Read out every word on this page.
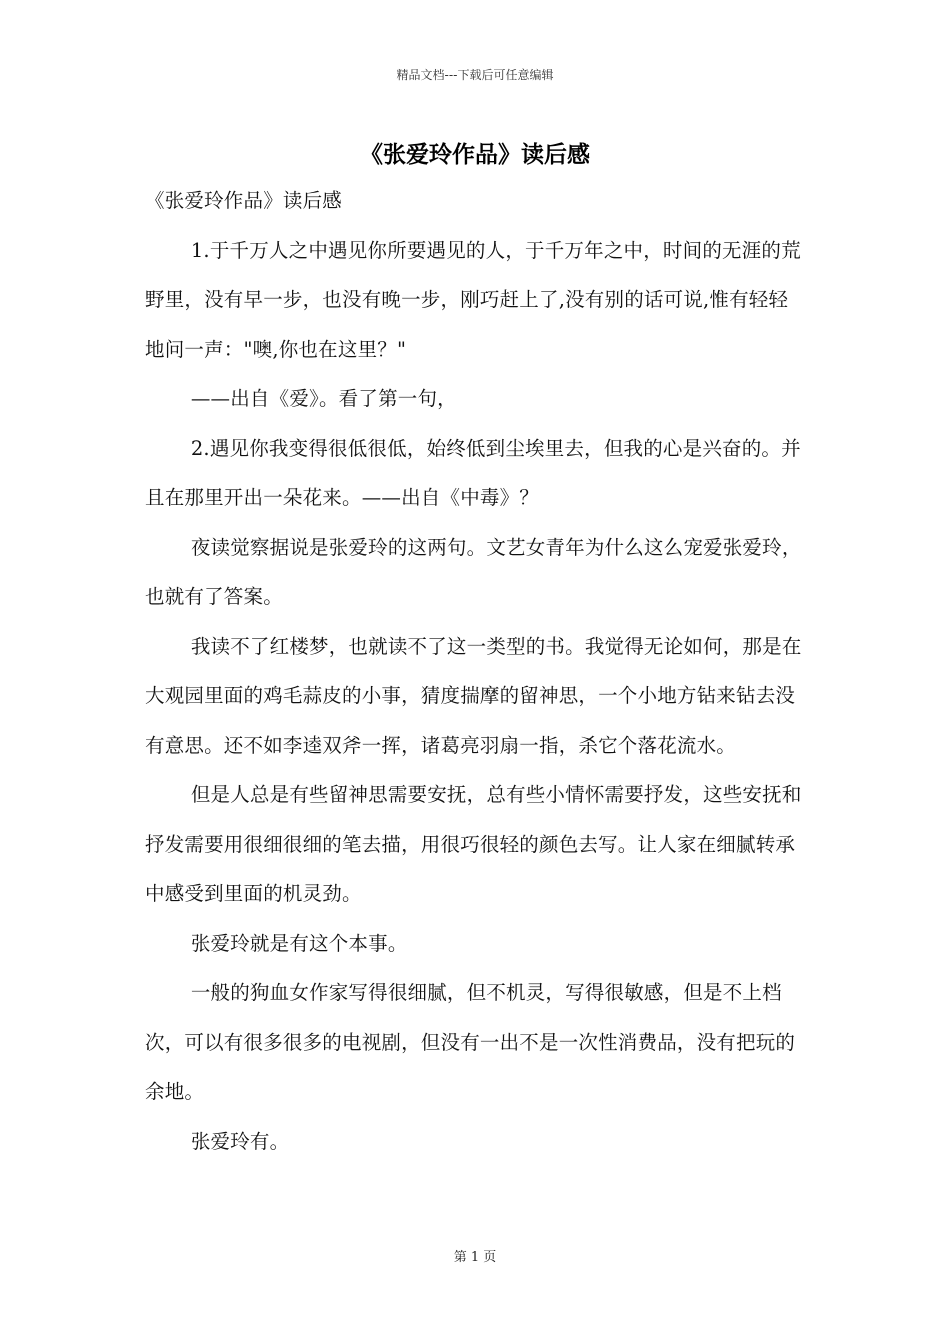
精品文档---下载后可任意编辑
《张爱玲作品》读后感

《张爱玲作品》读后感

1.于千万人之中遇见你所要遇见的人，于千万年之中，时间的无涯的荒野里，没有早一步，也没有晚一步，刚巧赶上了,没有别的话可说,惟有轻轻地问一声："噢,你也在这里？"

——出自《爱》。看了第一句，

2.遇见你我变得很低很低，始终低到尘埃里去，但我的心是兴奋的。并且在那里开出一朵花来。——出自《中毒》？

夜读觉察据说是张爱玲的这两句。文艺女青年为什么这么宠爱张爱玲，也就有了答案。

我读不了红楼梦，也就读不了这一类型的书。我觉得无论如何，那是在大观园里面的鸡毛蒜皮的小事，猜度揣摩的留神思，一个小地方钻来钻去没有意思。还不如李逵双斧一挥，诸葛亮羽扇一指，杀它个落花流水。

但是人总是有些留神思需要安抚，总有些小情怀需要抒发，这些安抚和抒发需要用很细很细的笔去描，用很巧很轻的颜色去写。让人家在细腻转承中感受到里面的机灵劲。

张爱玲就是有这个本事。

一般的狗血女作家写得很细腻，但不机灵，写得很敏感，但是不上档次，可以有很多很多的电视剧，但没有一出不是一次性消费品，没有把玩的余地。

张爱玲有。

第 1 页
